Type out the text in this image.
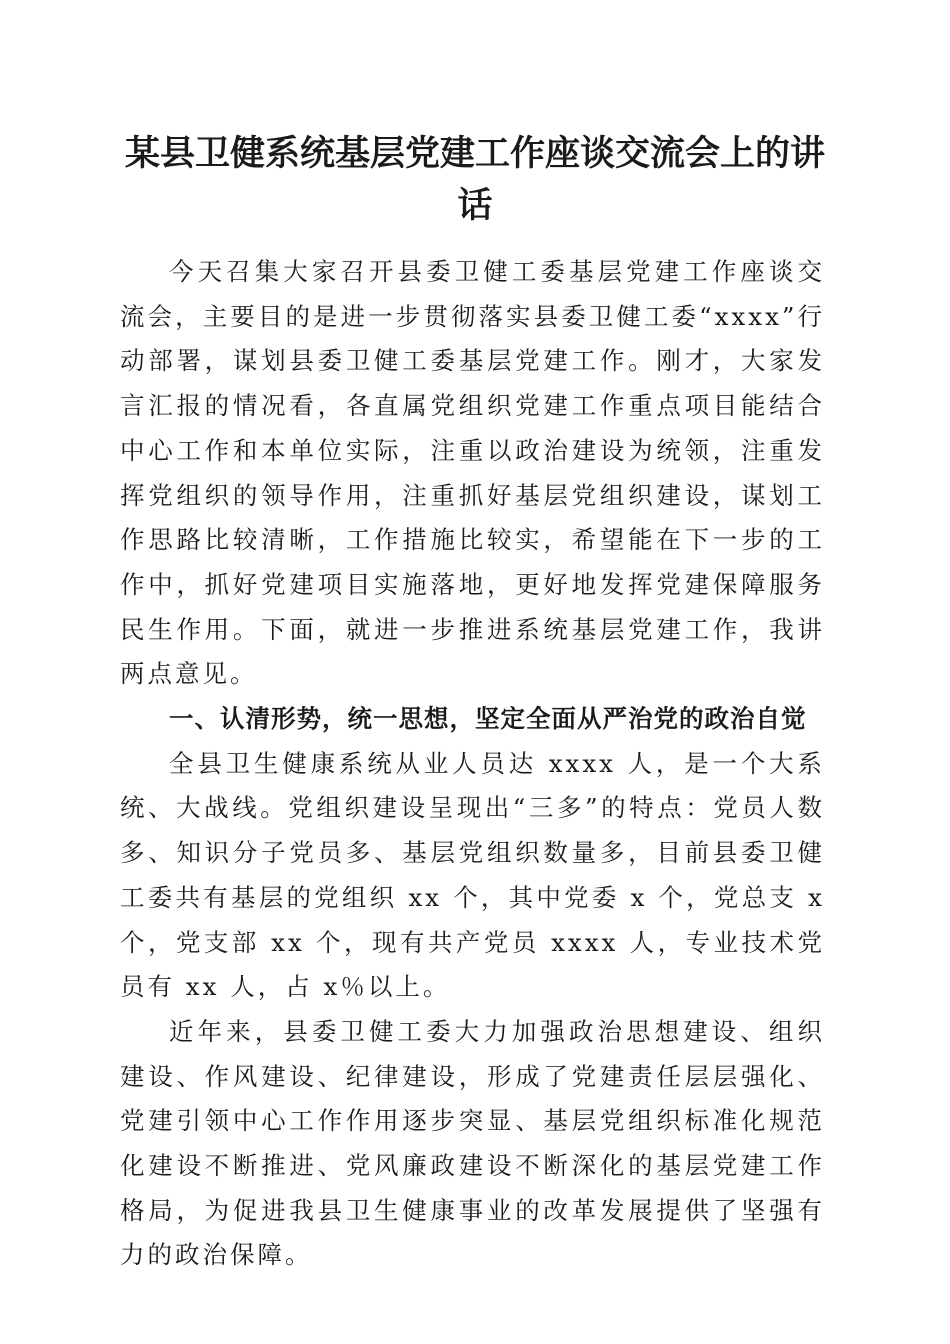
某县卫健系统基层党建工作座谈交流会上的讲话

今天召集大家召开县委卫健工委基层党建工作座谈交流会，主要目的是进一步贯彻落实县委卫健工委“xxxx”行动部署，谋划县委卫健工委基层党建工作。刚才，大家发言汇报的情况看，各直属党组织党建工作重点项目能结合中心工作和本单位实际，注重以政治建设为统领，注重发挥党组织的领导作用，注重抓好基层党组织建设，谋划工作思路比较清晰，工作措施比较实，希望能在下一步的工作中，抓好党建项目实施落地，更好地发挥党建保障服务民生作用。下面，就进一步推进系统基层党建工作，我讲两点意见。

一、认清形势，统一思想，坚定全面从严治党的政治自觉

全县卫生健康系统从业人员达 xxxx 人，是一个大系统、大战线。党组织建设呈现出“三多”的特点：党员人数多、知识分子党员多、基层党组织数量多，目前县委卫健工委共有基层的党组织 xx 个，其中党委 x 个，党总支 x 个，党支部 xx 个，现有共产党员 xxxx 人，专业技术党员有 xx 人，占 x％以上。

近年来，县委卫健工委大力加强政治思想建设、组织建设、作风建设、纪律建设，形成了党建责任层层强化、党建引领中心工作作用逐步突显、基层党组织标准化规范化建设不断推进、党风廉政建设不断深化的基层党建工作格局，为促进我县卫生健康事业的改革发展提供了坚强有力的政治保障。
